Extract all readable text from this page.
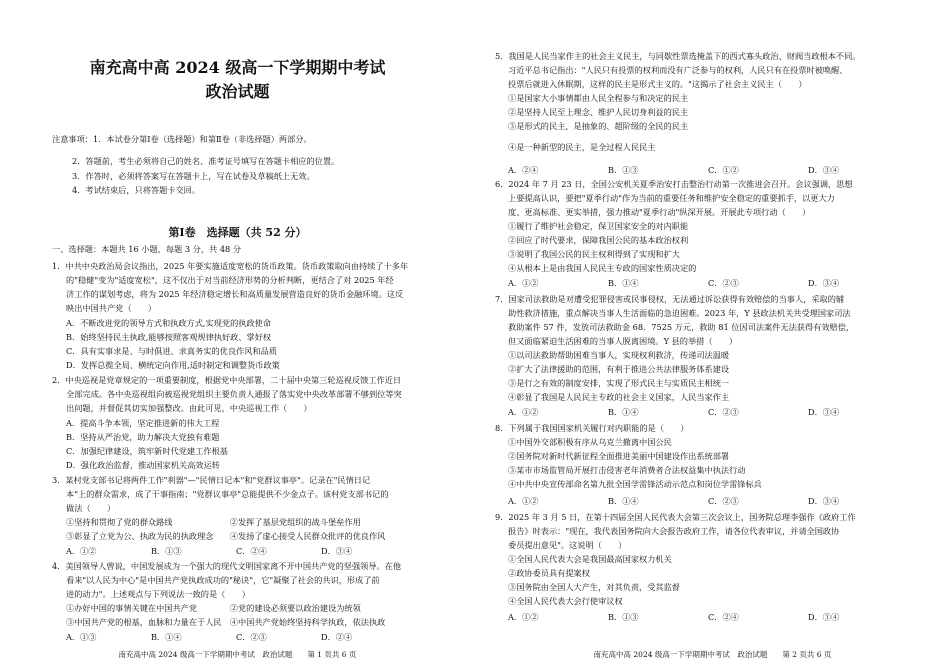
南充高中高 2024 级高一下学期期中考试
政治试题
注意事项：1．本试卷分第Ⅰ卷（选择题）和第Ⅱ卷（非选择题）两部分。
2．答题前，考生必须将自己的姓名、准考证号填写在答题卡相应的位置。
3．作答时，必须将答案写在答题卡上，写在试卷及草稿纸上无效。
4．考试结束后，只将答题卡交回。
第Ⅰ卷　选择题（共 52 分）
一、选择题：本题共 16 小题，每题 3 分，共 48 分
1．中共中央政治局会议指出，2025 年要实施适度宽松的货币政策。货币政策取向由持续了十多年
的"稳健"变为"适度宽松"，这不仅出于对当前经济形势的分析判断，更结合了对 2025 年经
济工作的谋划考虑，将为 2025 年经济稳定增长和高质量发展营造良好的货币金融环境。这反
映出中国共产党（　　）
A．不断改进党的领导方式和执政方式,实现党的执政使命
B．始终坚持民主执政,能够按照客观规律执好政、掌好权
C．具有实事求是、与时俱进、求真务实的优良作风和品质
D．发挥总揽全局、横统定向作用,适时制定和调整货币政策
2．中央巡视是党章规定的一项重要制度，根据党中央部署，二十届中央第三轮巡视反馈工作近日
全部完成。各中央巡视组向被巡视党组织主要负责人通报了落实党中央改革部署不够到位等突
出问题，并督促其切实加强整改。由此可见，中央巡视工作（　　）
A．提高斗争本领，坚定推进新的伟大工程
B．坚持从严治党，助力解决大党独有难题
C．加强纪律建设，筑牢新时代党建工作根基
D．强化政治监督，推动国家机关高效运转
3．某村党支部书记将两件工作"利器"—"民情日记本"和"党群议事亭"。记录在"民情日记
本"上的群众需求，成了干事指南；"党群议事亭"总能提供不少金点子。该村党支部书记的
做法（　　）
①坚持和贯彻了党的群众路线　　　　　　　②发挥了基层党组织的战斗堡垒作用
③彰显了立党为公、执政为民的执政理念　　④发扬了虚心接受人民群众批评的优良作风
A．①②	B．①③	C．②④	D．③④
4．美国领导人曾说，中国发展成为一个强大的现代文明国家离不开中国共产党的坚强领导。在他
看来"以人民为中心"是中国共产党执政成功的"秘诀"，它"凝聚了社会的共识，形成了前
进的动力"。上述观点与下列说法一致的是（　　）
①办好中国的事情关键在中国共产党　　　　②党的建设必须要以政治建设为统领
③中国共产党的根基，血脉和力量在于人民　④中国共产党始终坚持科学执政，依法执政
A．①③	B．①④	C．②③	D．②④
南充高中高 2024 级高一下学期期中考试　政治试题　　第 1 页共 6 页
5．我国是人民当家作主的社会主义民主，与同歇性票选掩盖下的西式寡头政治、财阀当政根本不同。
习近平总书记指出："人民只有投票的权利而没有广泛参与的权利，人民只有在投票时被唤醒、
投票后就进入休眠期，这样的民主是形式主义的。"这揭示了社会主义民主（　　）
①是国家大小事情都由人民全程参与和决定的民主
②是坚持人民至上理念、维护人民切身利益的民主
③是形式的民主，是抽象的、超阶级的全民的民主
④是一种新型的民主，是全过程人民民主
A．②④	B．①③	C．①②	D．③④
6．2024 年 7 月 23 日，全国公安机关夏季治安打击整治行动第一次推进会召开。会议强调，思想
上要提高认识，要把"夏季行动"作为当前的重要任务和维护安全稳定的重要抓手，以更大力
度、更高标准、更实举措，强力推动"夏季行动"纵深开展。开展此专项行动（　　）
①履行了维护社会稳定，保卫国家安全的对内职能
②回应了时代要求，保障我国公民的基本政治权利
③说明了我国公民的民主权利得到了实现和扩大
④从根本上是由我国人民民主专政的国家性质决定的
A．①②	B．①④	C．②③	D．③④
7．国家司法救助是对遭受犯罪侵害或民事侵权，无法通过诉讼获得有效赔偿的当事人，采取的辅
助性救济措施，重点解决当事人生活面临的急迫困难。2023 年，Y 县政法机关共受理国家司法
救助案件 57 件，发放司法救助金 68．7525 万元，救助 81 位因司法案件无法获得有效赔偿，
但又面临紧迫生活困难的当事人脱离困境。Y 县的举措（　　）
①以司法救助帮助困难当事人，实现权利救济，传递司法温暖
②扩大了法律援助的范围，有利于推进公共法律服务体系建设
③是行之有效的制度安排，实现了形式民主与实质民主相统一
④彰显了我国是人民民主专政的社会主义国家，人民当家作主
A．①②	B．①④	C．②③	D．③④
8．下列属于我国国家机关履行对内职能的是（　　）
①中国外交部积极有序从乌克兰撤离中国公民
②国务院对新时代新征程全面推进美丽中国建设作出系统部署
③某市市场监管局开展打击侵害老年消费者合法权益集中执法行动
④中共中央宣传部命名第九批全国学雷锋活动示范点和岗位学雷锋标兵
A．①②	B．①④	C．②③	D．③④
9．2025 年 3 月 5 日，在第十四届全国人民代表大会第三次会议上，国务院总理李强作《政府工作
报告》时表示："现在，我代表国务院向大会报告政府工作，请各位代表审议，并请全国政协
委员提出意见"。这说明（　　）
①全国人民代表大会是我国最高国家权力机关
②政协委员具有提案权
③国务院由全国人大产生，对其负责，受其监督
④全国人民代表大会行使审议权
A．①②	B．①③	C．②④	D．③④
南充高中高 2024 级高一下学期期中考试　政治试题　　第 2 页共 6 页
